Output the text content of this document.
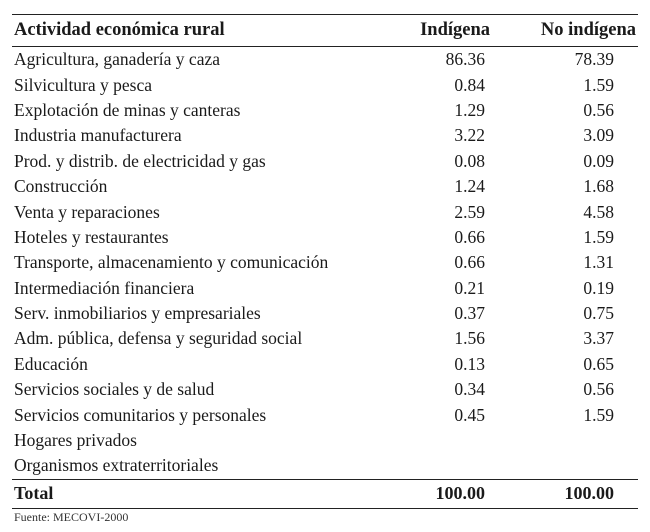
Actividad económica rural	Indígena	No indígena
Agricultura, ganadería y caza	86.36	78.39
Silvicultura y pesca	0.84	1.59
Explotación de minas y canteras	1.29	0.56
Industria manufacturera	3.22	3.09
Prod. y distrib. de electricidad y gas	0.08	0.09
Construcción	1.24	1.68
Venta y reparaciones	2.59	4.58
Hoteles y restaurantes	0.66	1.59
Transporte, almacenamiento y comunicación	0.66	1.31
Intermediación financiera	0.21	0.19
Serv. inmobiliarios y empresariales	0.37	0.75
Adm. pública, defensa y seguridad social	1.56	3.37
Educación	0.13	0.65
Servicios sociales y de salud	0.34	0.56
Servicios comunitarios y personales	0.45	1.59
Hogares privados		
Organismos extraterritoriales		
Total	100.00	100.00
Fuente: MECOVI-2000
